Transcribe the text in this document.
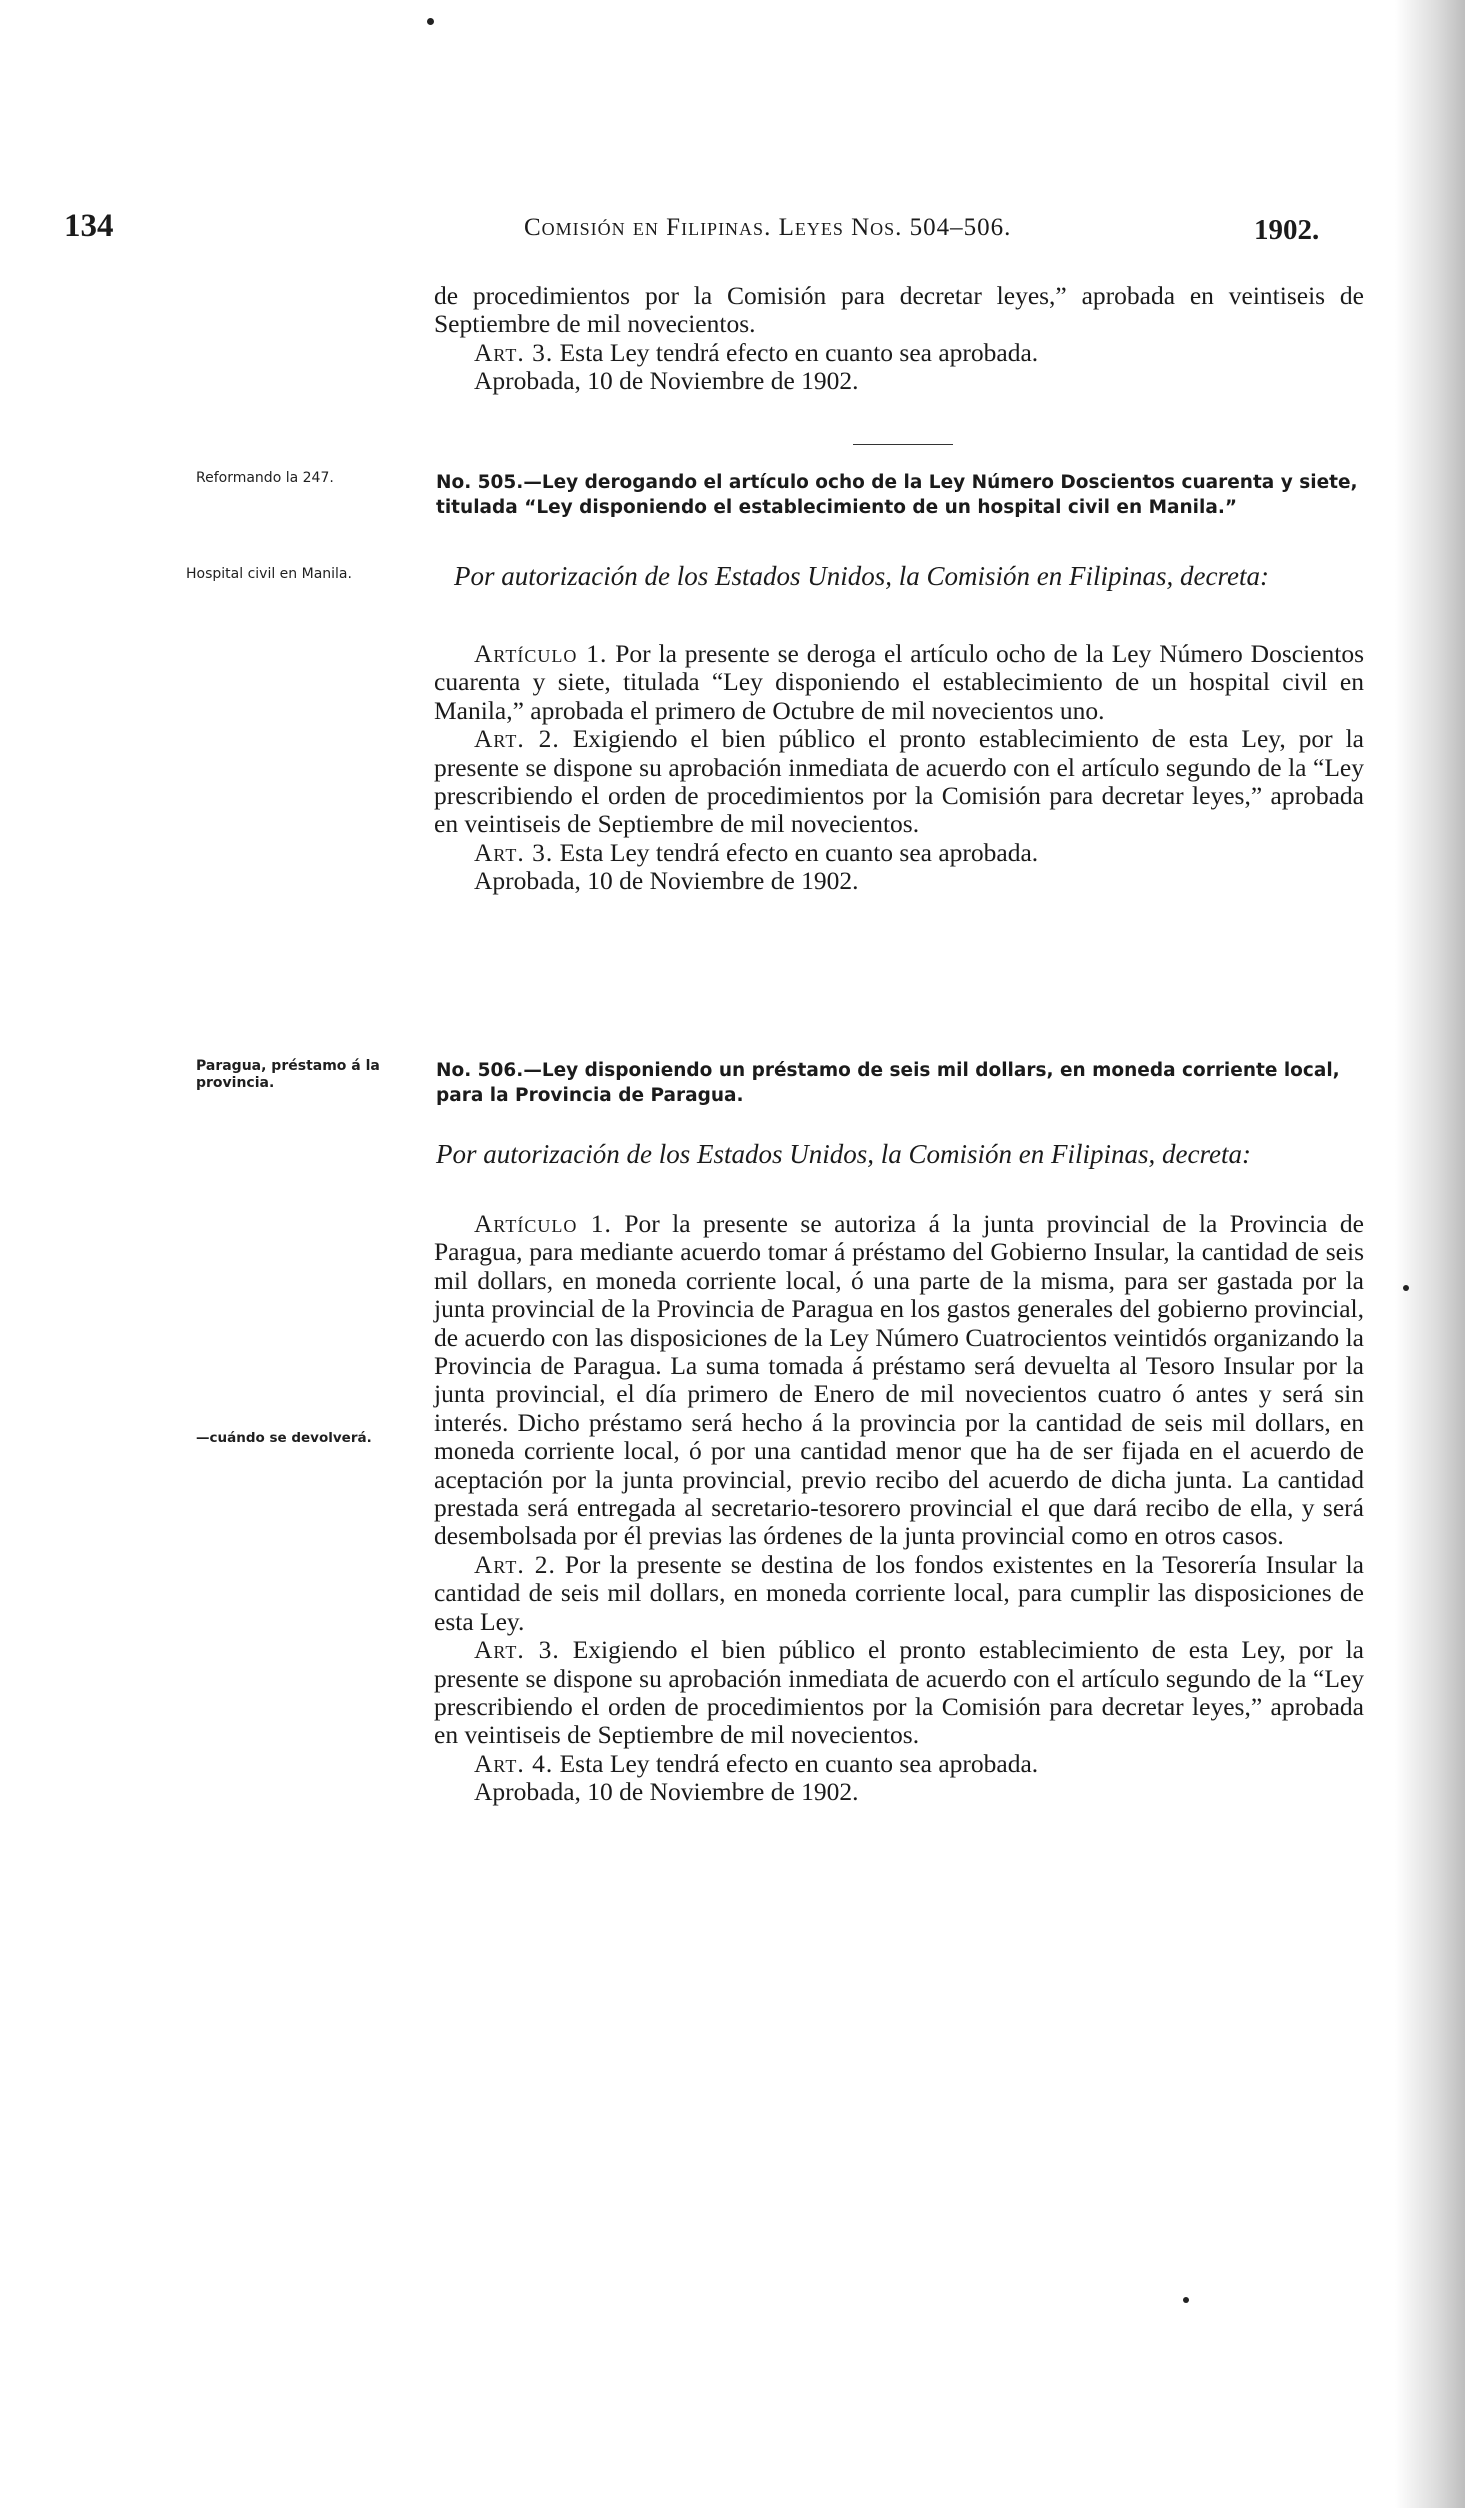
134	Comisión en Filipinas. Leyes Nos. 504–506.	1902.

de procedimientos por la Comisión para decretar leyes,” aprobada en veintiseis de Septiembre de mil novecientos.

Art. 3. Esta Ley tendrá efecto en cuanto sea aprobada.

Aprobada, 10 de Noviembre de 1902.

Reformando la 247.
Hospital civil en Manila.
No. 505.—Ley derogando el artículo ocho de la Ley Número Doscientos cuarenta y siete, titulada “Ley disponiendo el establecimiento de un hospital civil en Manila.”
Por autorización de los Estados Unidos, la Comisión en Filipinas, decreta:

Artículo 1. Por la presente se deroga el artículo ocho de la Ley Número Doscientos cuarenta y siete, titulada “Ley disponiendo el establecimiento de un hospital civil en Manila,” aprobada el primero de Octubre de mil novecientos uno.

Art. 2. Exigiendo el bien público el pronto establecimiento de esta Ley, por la presente se dispone su aprobación inmediata de acuerdo con el artículo segundo de la “Ley prescribiendo el orden de procedimientos por la Comisión para decretar leyes,” aprobada en veintiseis de Septiembre de mil novecientos.

Art. 3. Esta Ley tendrá efecto en cuanto sea aprobada.

Aprobada, 10 de Noviembre de 1902.

Paragua, préstamo á la provincia.
—cuándo se devolverá.
No. 506.—Ley disponiendo un préstamo de seis mil dollars, en moneda corriente local, para la Provincia de Paragua.
Por autorización de los Estados Unidos, la Comisión en Filipinas, decreta:

Artículo 1. Por la presente se autoriza á la junta provincial de la Provincia de Paragua, para mediante acuerdo tomar á préstamo del Gobierno Insular, la cantidad de seis mil dollars, en moneda corriente local, ó una parte de la misma, para ser gastada por la junta provincial de la Provincia de Paragua en los gastos generales del gobierno provincial, de acuerdo con las disposiciones de la Ley Número Cuatrocientos veintidós organizando la Provincia de Paragua. La suma tomada á préstamo será devuelta al Tesoro Insular por la junta provincial, el día primero de Enero de mil novecientos cuatro ó antes y será sin interés. Dicho préstamo será hecho á la provincia por la cantidad de seis mil dollars, en moneda corriente local, ó por una cantidad menor que ha de ser fijada en el acuerdo de aceptación por la junta provincial, previo recibo del acuerdo de dicha junta. La cantidad prestada será entregada al secretario-tesorero provincial el que dará recibo de ella, y será desembolsada por él previas las órdenes de la junta provincial como en otros casos.

Art. 2. Por la presente se destina de los fondos existentes en la Tesorería Insular la cantidad de seis mil dollars, en moneda corriente local, para cumplir las disposiciones de esta Ley.

Art. 3. Exigiendo el bien público el pronto establecimiento de esta Ley, por la presente se dispone su aprobación inmediata de acuerdo con el artículo segundo de la “Ley prescribiendo el orden de procedimientos por la Comisión para decretar leyes,” aprobada en veintiseis de Septiembre de mil novecientos.

Art. 4. Esta Ley tendrá efecto en cuanto sea aprobada.

Aprobada, 10 de Noviembre de 1902.
